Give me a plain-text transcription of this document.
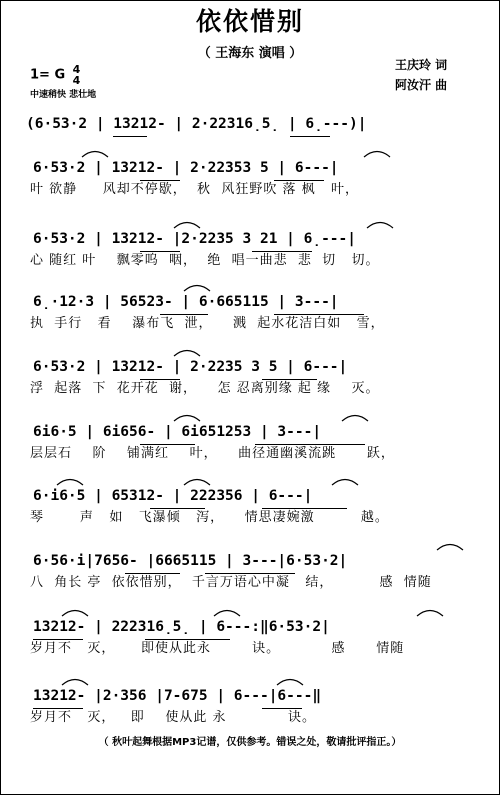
依依惜别
（ 王海东 演唱 ）
王庆玲 词
阿汝汗 曲
1= G 4
4
中速稍快 悲壮地
(6·53·2 | 13212- | 2·22316̣5̣ | 6̣---)|
6·53·2 | 13212- | 2·22353 5 | 6---|
叶 欲静     风却不停歇，  秋  风狂野吹 落 枫   叶，
6·53·2 | 13212- |2·2235 3 21 | 6̣---|
心 随红 叶    飘零呜  咽，  绝  唱一曲悲  悲  切   切。
6̣·12·3 | 56523- | 6·665115 | 3---|
执  手行   看    瀑布飞  泄，    溅  起水花洁白如   雪，
6·53·2 | 13212- | 2·2235 3 5 | 6---|
浮  起落  下  花开花  谢，    怎 忍离别缘 起 缘    灭。
6i6·5 | 6i656- | 6i651253 | 3---|
层层石    阶    铺满红    叶，    曲径通幽溪流跳      跃，
6·i6·5 | 65312- | 222356 | 6---|
琴       声   如   飞瀑倾   泻，    情思凄婉激         越。
6·56·i|7656- |6665115 | 3---|6·53·2|
八  角长 亭  依依惜别，  千言万语心中凝   结，         感  情随
13212- | 222316̣5̣ | 6---:‖6·53·2|
岁月不   灭，     即使从此永        诀。          感      情随
13212- |2·356 |7-675 | 6---|6---‖
岁月不   灭，   即    使从此 永            诀。
（ 秋叶起舞根据MP3记谱，仅供参考。错误之处，敬请批评指正。）
